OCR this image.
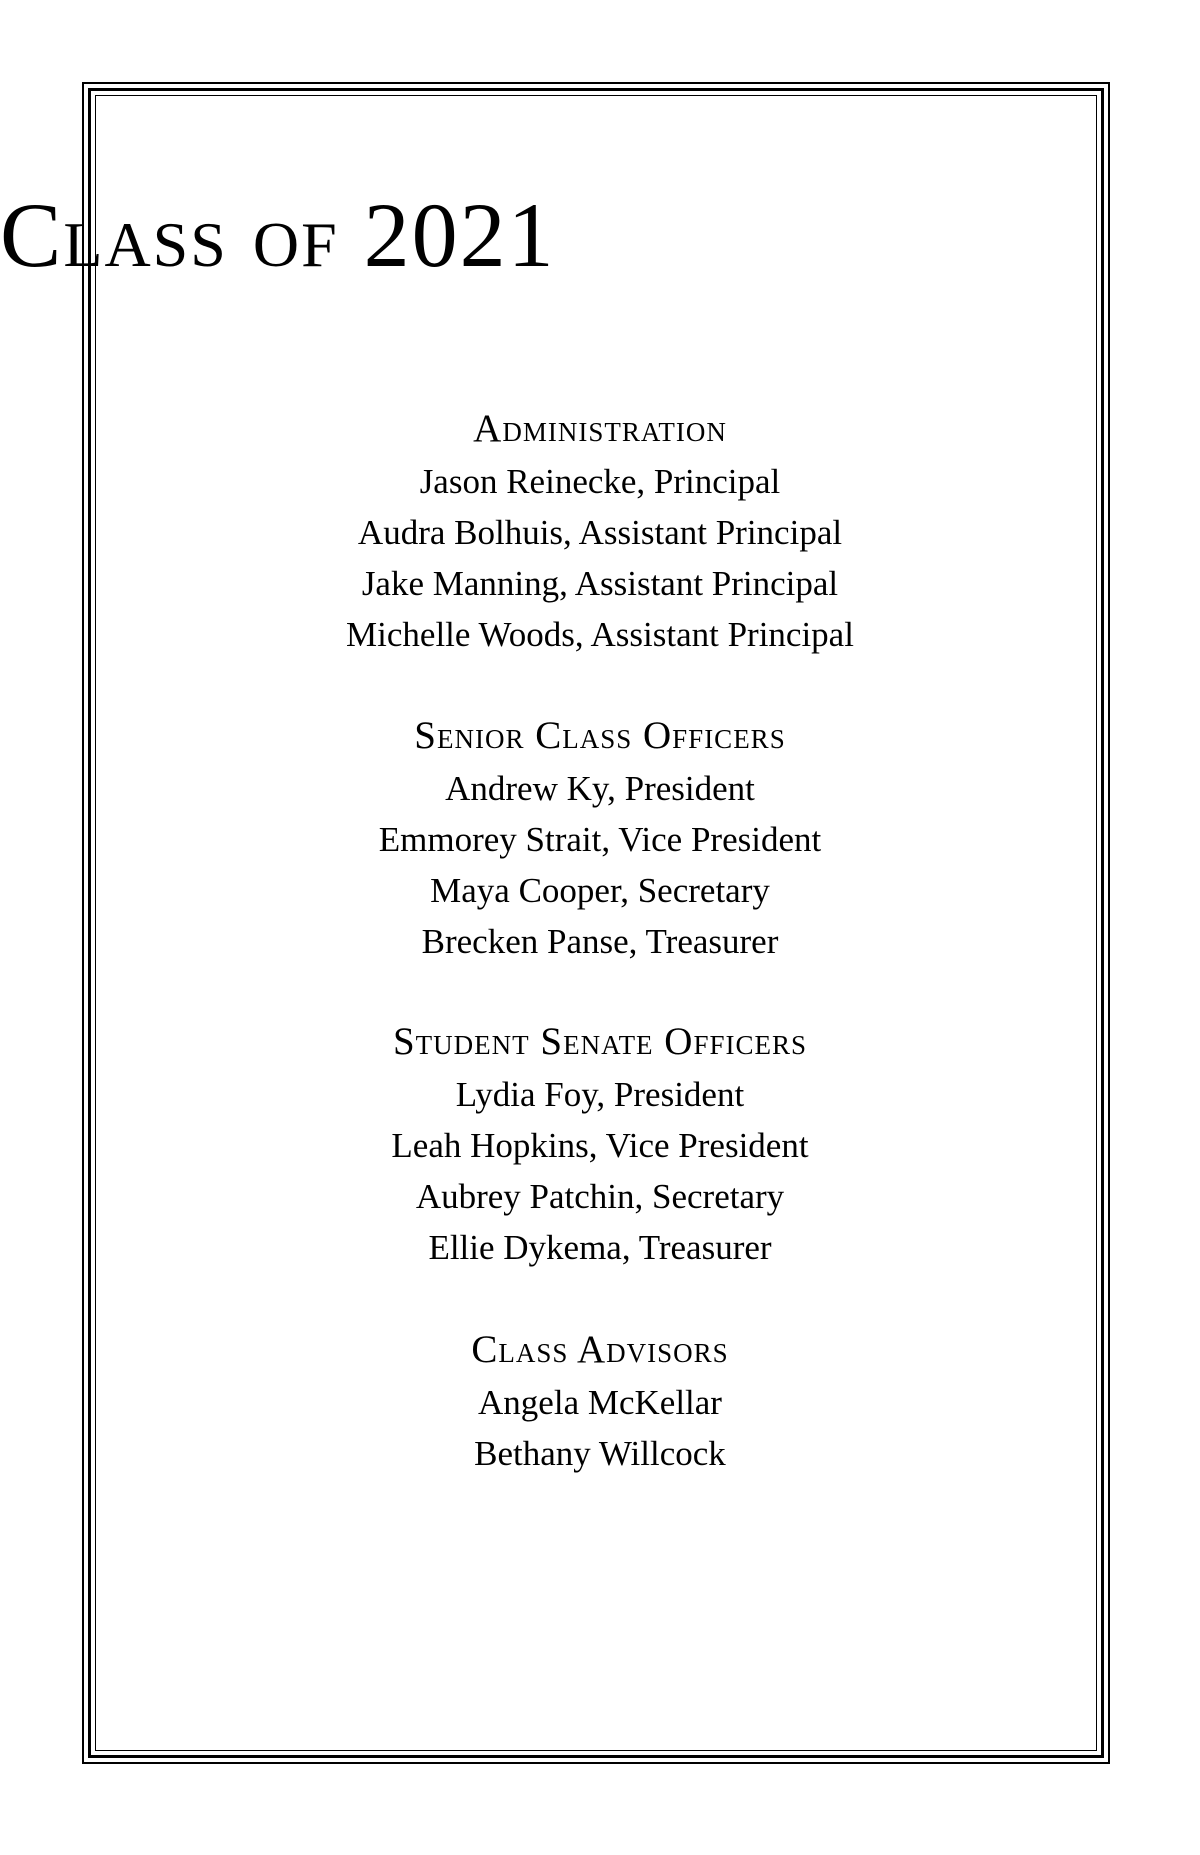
Class of 2021
Administration

Jason Reinecke, Principal

Audra Bolhuis, Assistant Principal

Jake Manning, Assistant Principal

Michelle Woods, Assistant Principal

Senior Class Officers

Andrew Ky, President

Emmorey Strait, Vice President

Maya Cooper, Secretary

Brecken Panse, Treasurer

Student Senate Officers

Lydia Foy, President

Leah Hopkins, Vice President

Aubrey Patchin, Secretary

Ellie Dykema, Treasurer

Class Advisors

Angela McKellar

Bethany Willcock
